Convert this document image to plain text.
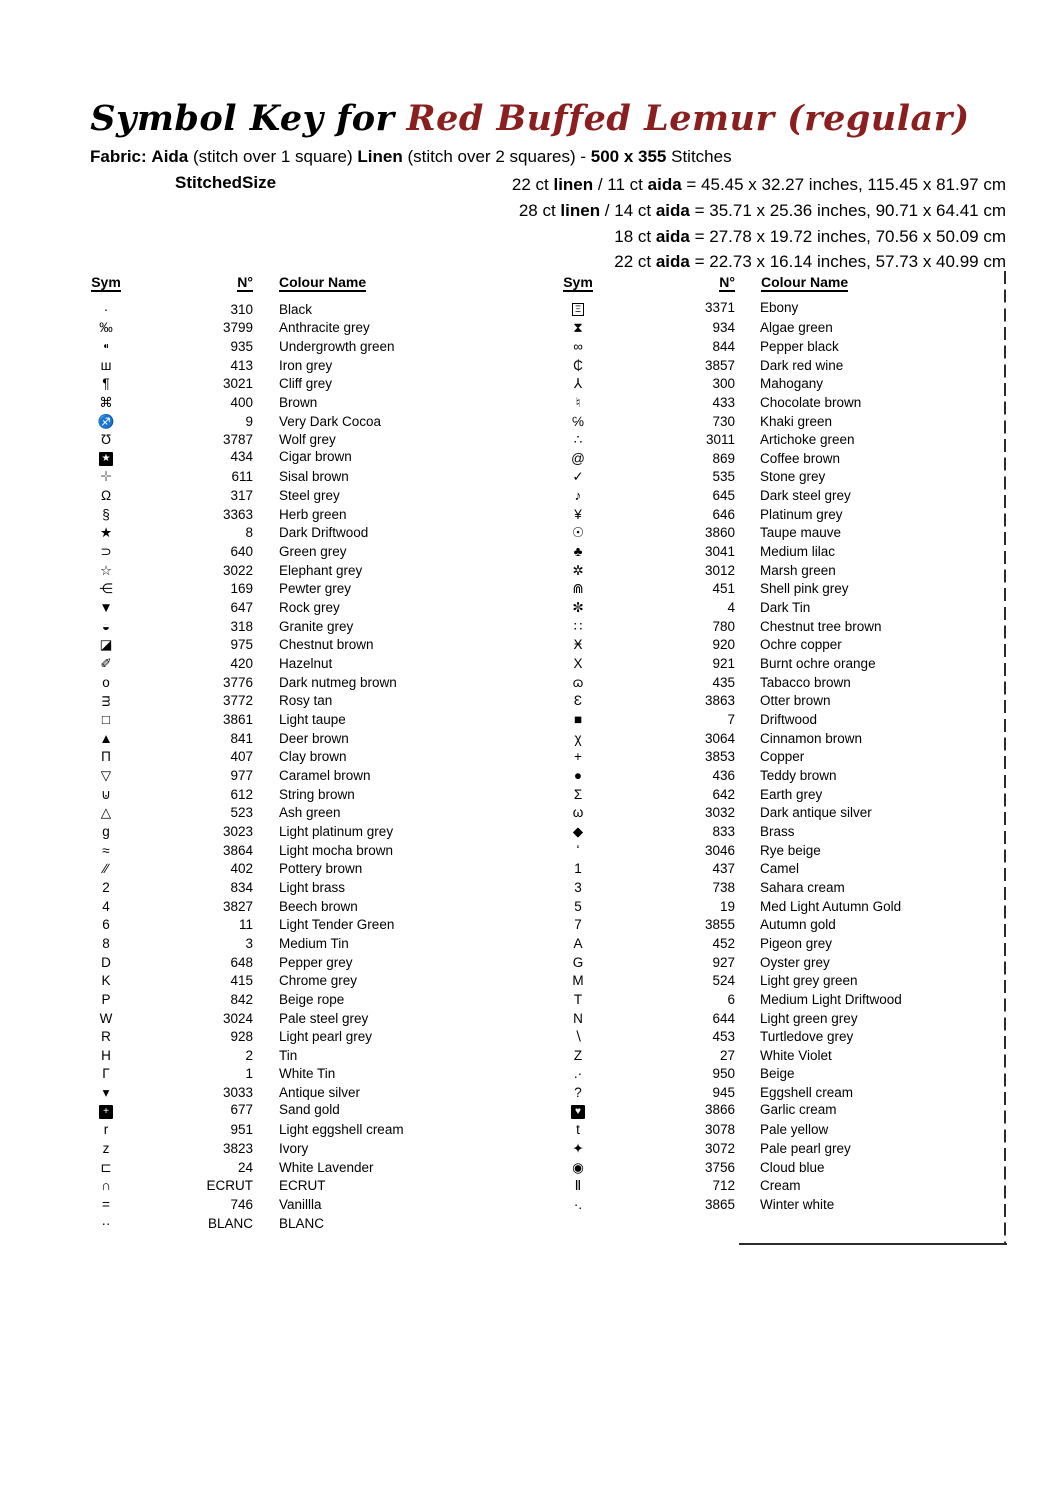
Symbol Key for Red Buffed Lemur (regular)
Fabric: Aida (stitch over 1 square) Linen (stitch over 2 squares) - 500 x 355 Stitches
StitchedSize	22 ct linen / 11 ct aida = 45.45 x 32.27 inches, 115.45 x 81.97 cm
28 ct linen / 14 ct aida = 35.71 x 25.36 inches, 90.71 x 64.41 cm
18 ct aida = 27.78 x 19.72 inches, 70.56 x 50.09 cm
22 ct aida = 22.73 x 16.14 inches, 57.73 x 40.99 cm
Sym	N°	Colour Name
·	310	Black
‰	3799	Anthracite grey
⁌	935	Undergrowth green
ш	413	Iron grey
¶	3021	Cliff grey
⌘	400	Brown
♐	9	Very Dark Cocoa
Ʊ	3787	Wolf grey
★	434	Cigar brown
✛	611	Sisal brown
Ω	317	Steel grey
§	3363	Herb green
★	8	Dark Driftwood
⊃	640	Green grey
☆	3022	Elephant grey
⋲	169	Pewter grey
▼	647	Rock grey
◒	318	Granite grey
◪	975	Chestnut brown
✐	420	Hazelnut
o	3776	Dark nutmeg brown
ᴟ	3772	Rosy tan
□	3861	Light taupe
▲	841	Deer brown
Π	407	Clay brown
▽	977	Caramel brown
⊍	612	String brown
△	523	Ash green
g	3023	Light platinum grey
≈	3864	Light mocha brown
∕∕	402	Pottery brown
2	834	Light brass
4	3827	Beech brown
6	11	Light Tender Green
8	3	Medium Tin
D	648	Pepper grey
K	415	Chrome grey
P	842	Beige rope
W	3024	Pale steel grey
R	928	Light pearl grey
H	2	Tin
Γ	1	White Tin
▾	3033	Antique silver
+	677	Sand gold
r	951	Light eggshell cream
z	3823	Ivory
⊏	24	White Lavender
∩	ECRUT	ECRUT
=	746	Vanillla
··	BLANC	BLANC
Sym	N°	Colour Name
Ξ	3371	Ebony
⧗	934	Algae green
∞	844	Pepper black
₵	3857	Dark red wine
⅄	300	Mahogany
♮	433	Chocolate brown
℅	730	Khaki green
∴	3011	Artichoke green
@	869	Coffee brown
✓	535	Stone grey
♪	645	Dark steel grey
¥	646	Platinum grey
☉	3860	Taupe mauve
♣	3041	Medium lilac
✲	3012	Marsh green
⋒	451	Shell pink grey
✼	4	Dark Tin
∷	780	Chestnut tree brown
Ӿ	920	Ochre copper
X	921	Burnt ochre orange
ɷ	435	Tabacco brown
Ɛ	3863	Otter brown
■	7	Driftwood
χ	3064	Cinnamon brown
+	3853	Copper
●	436	Teddy brown
Σ	642	Earth grey
ω	3032	Dark antique silver
◆	833	Brass
ʻ	3046	Rye beige
1	437	Camel
3	738	Sahara cream
5	19	Med Light Autumn Gold
7	3855	Autumn gold
A	452	Pigeon grey
G	927	Oyster grey
M	524	Light grey green
T	6	Medium Light Driftwood
N	644	Light green grey
∖	453	Turtledove grey
Z	27	White Violet
.·	950	Beige
?	945	Eggshell cream
♥	3866	Garlic cream
t	3078	Pale yellow
✦	3072	Pale pearl grey
◉	3756	Cloud blue
Ⅱ	712	Cream
·.	3865	Winter white
